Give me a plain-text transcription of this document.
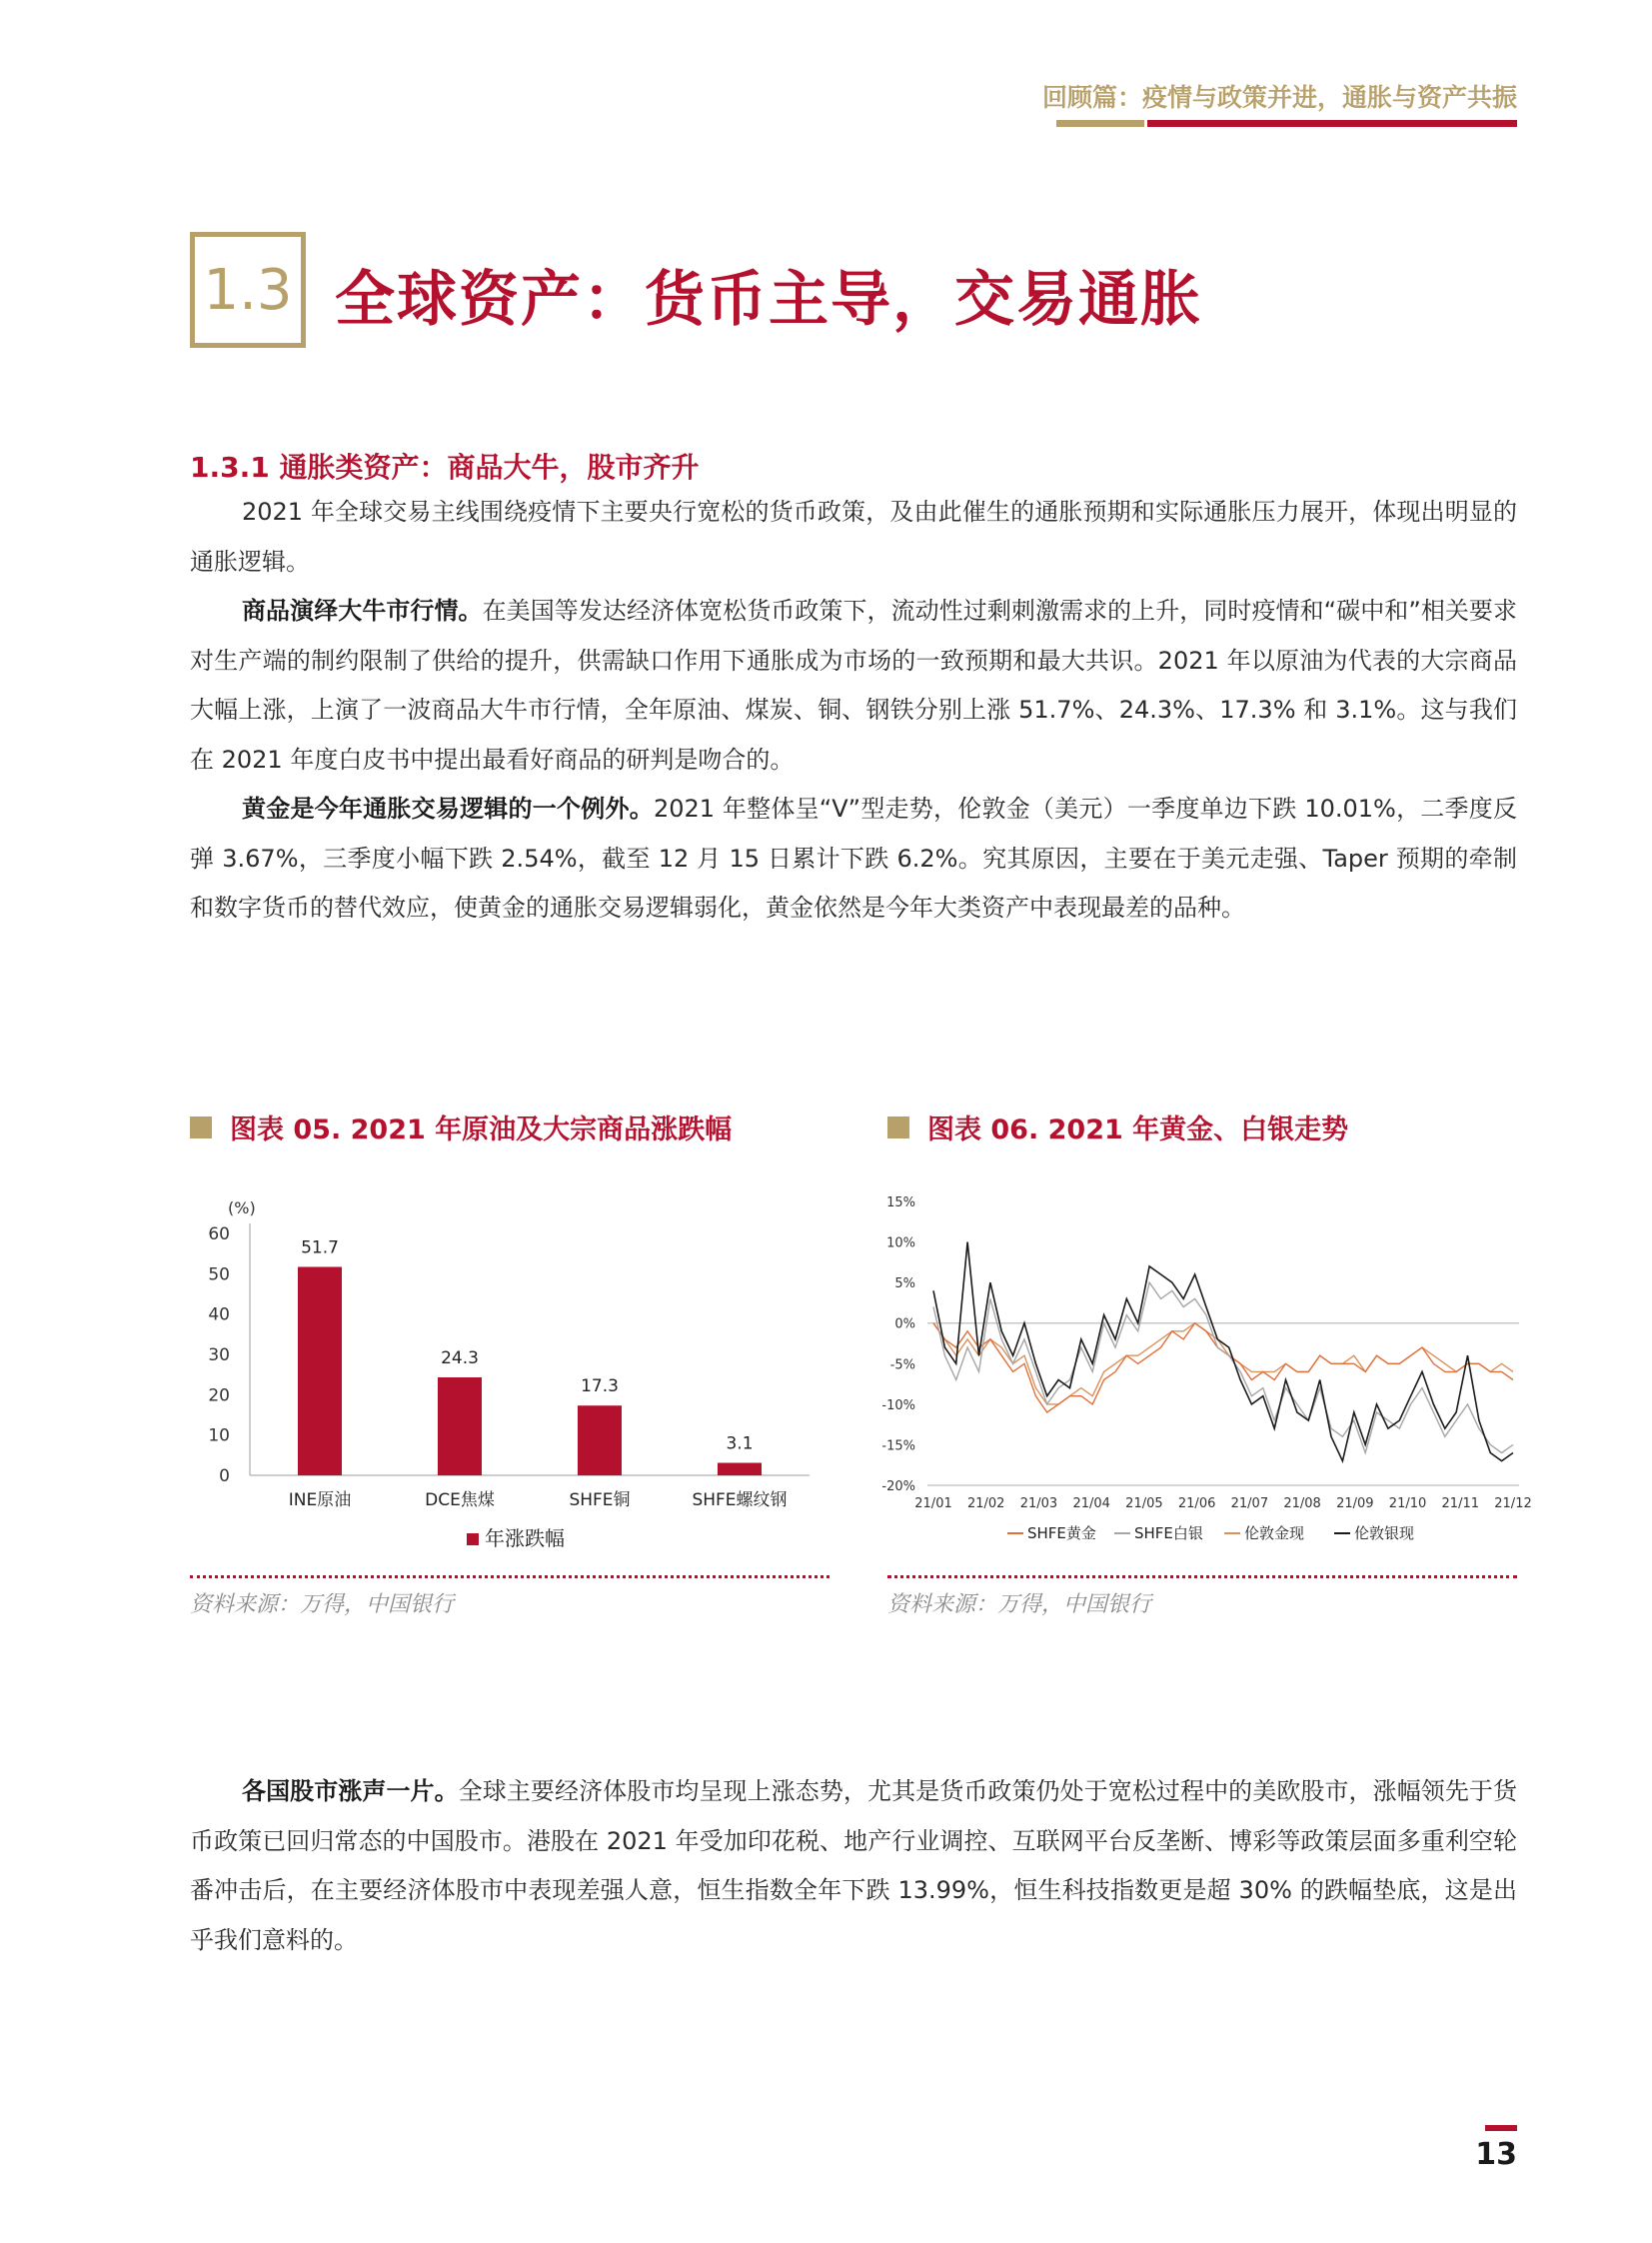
回顾篇：疫情与政策并进，通胀与资产共振
1.3 全球资产：货币主导，交易通胀
1.3.1 通胀类资产：商品大牛，股市齐升
2021 年全球交易主线围绕疫情下主要央行宽松的货币政策，及由此催生的通胀预期和实际通胀压力展开，体现出明显的通胀逻辑。
商品演绎大牛市行情。在美国等发达经济体宽松货币政策下，流动性过剩刺激需求的上升，同时疫情和“碳中和”相关要求对生产端的制约限制了供给的提升，供需缺口作用下通胀成为市场的一致预期和最大共识。2021 年以原油为代表的大宗商品大幅上涨，上演了一波商品大牛市行情，全年原油、煤炭、铜、钢铁分别上涨 51.7%、24.3%、17.3% 和 3.1%。这与我们在 2021 年度白皮书中提出最看好商品的研判是吻合的。
黄金是今年通胀交易逻辑的一个例外。2021 年整体呈“V”型走势，伦敦金（美元）一季度单边下跌 10.01%，二季度反弹 3.67%，三季度小幅下跌 2.54%，截至 12 月 15 日累计下跌 6.2%。究其原因，主要在于美元走强、Taper 预期的牵制和数字货币的替代效应，使黄金的通胀交易逻辑弱化，黄金依然是今年大类资产中表现最差的品种。
图表 05. 2021 年原油及大宗商品涨跌幅
(%)
0
10
20
30
40
50
60
51.7
INE原油
24.3
DCE焦煤
17.3
SHFE铜
3.1
SHFE螺纹钢
年涨跌幅
资料来源：万得，中国银行
图表 06. 2021 年黄金、白银走势
15%
10%
5%
0%
-5%
-10%
-15%
-20%
21/01 21/02 21/03 21/04 21/05 21/06 21/07 21/08 21/09 21/10 21/11 21/12
SHFE黄金	SHFE白银	伦敦金现	伦敦银现
资料来源：万得，中国银行
各国股市涨声一片。全球主要经济体股市均呈现上涨态势，尤其是货币政策仍处于宽松过程中的美欧股市，涨幅领先于货币政策已回归常态的中国股市。港股在 2021 年受加印花税、地产行业调控、互联网平台反垄断、博彩等政策层面多重利空轮番冲击后，在主要经济体股市中表现差强人意，恒生指数全年下跌 13.99%，恒生科技指数更是超 30% 的跌幅垫底，这是出乎我们意料的。
13
